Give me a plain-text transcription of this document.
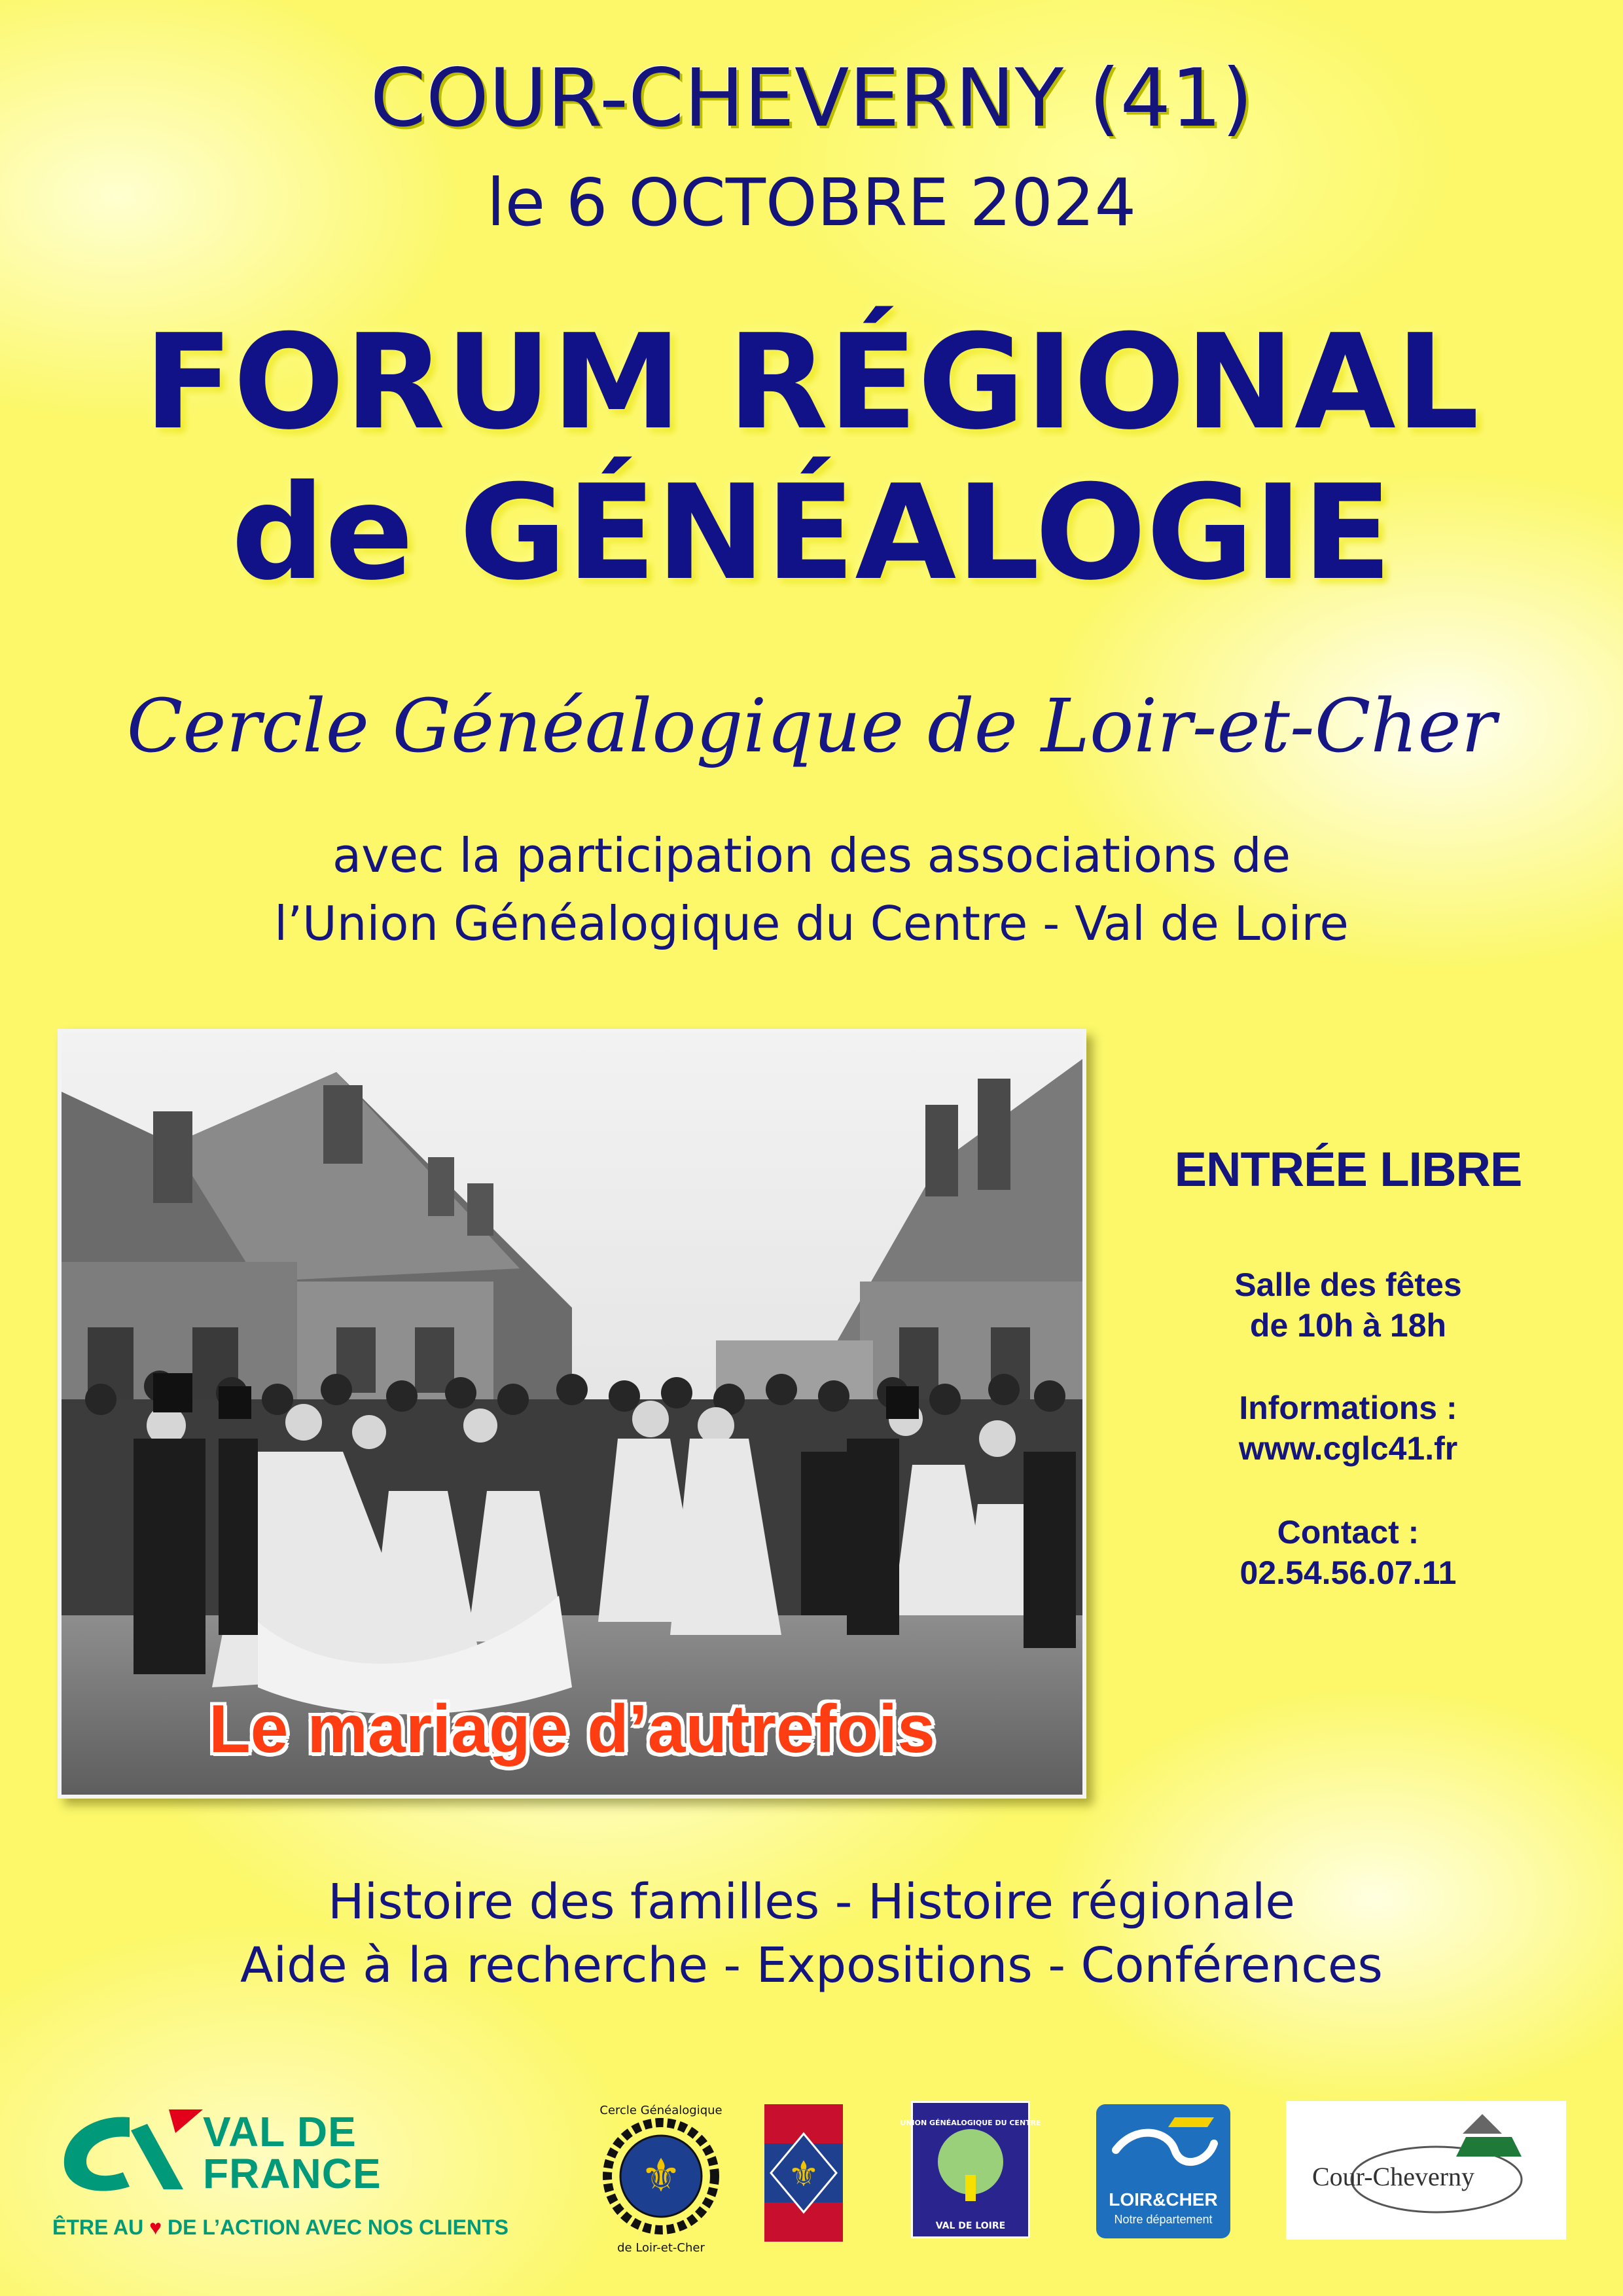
COUR-CHEVERNY (41)
le 6 OCTOBRE 2024
FORUM RÉGIONAL
de GÉNÉALOGIE
Cercle Généalogique de Loir-et-Cher
avec la participation des associations de
l’Union Généalogique du Centre - Val de Loire
Le mariage d’autrefois
ENTRÉE LIBRE
Salle des fêtes
de 10h à 18h
Informations :
www.cglc41.fr
Contact :
02.54.56.07.11
Histoire des familles - Histoire régionale
Aide à la recherche - Expositions - Conférences
VAL DE
FRANCE
ÊTRE AU ♥ DE L’ACTION AVEC NOS CLIENTS
⚜
Cercle Généalogique
de Loir-et-Cher
⚜
UNION GÉNÉALOGIQUE DU CENTRE
VAL DE LOIRE
LOIR&CHER
Notre département
Cour-Cheverny
